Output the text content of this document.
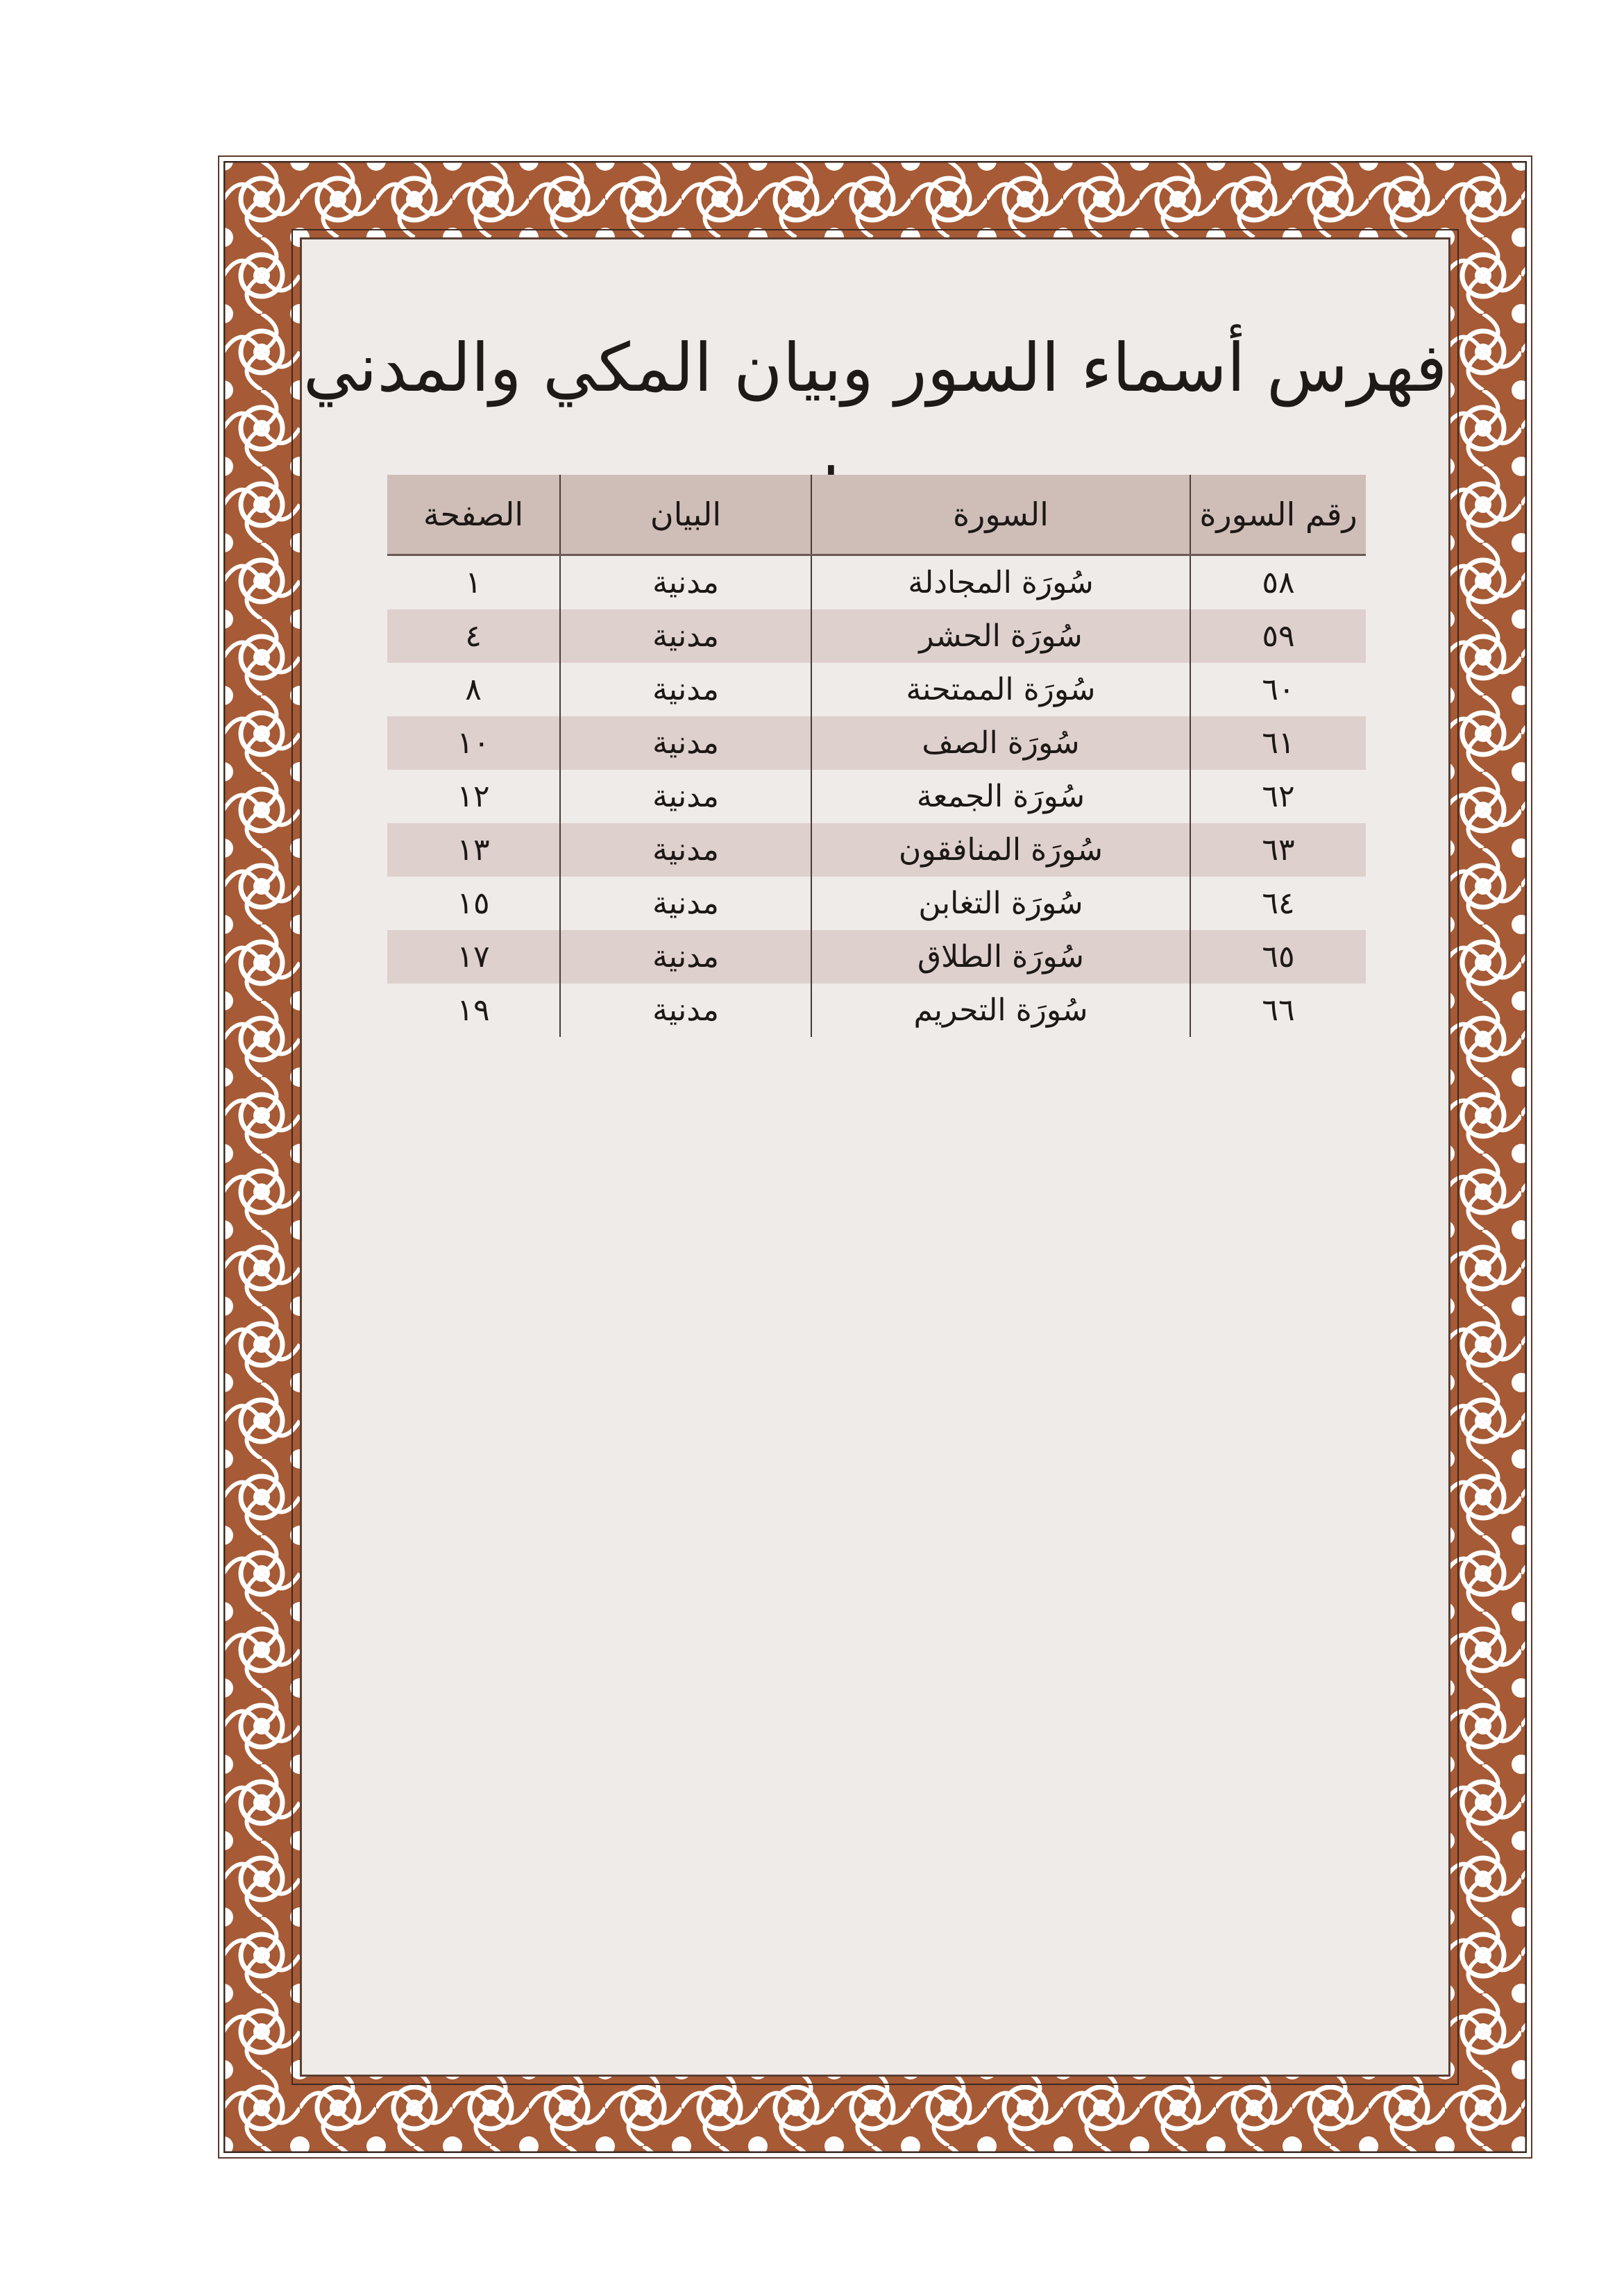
فهرس أسماء السور وبيان المكي والمدني
رقم السورة
السورة
البيان
الصفحة
٥٨
سُورَة المجادلة
مدنية
١
٥٩
سُورَة الحشر
مدنية
٤
٦٠
سُورَة الممتحنة
مدنية
٨
٦١
سُورَة الصف
مدنية
١٠
٦٢
سُورَة الجمعة
مدنية
١٢
٦٣
سُورَة المنافقون
مدنية
١٣
٦٤
سُورَة التغابن
مدنية
١٥
٦٥
سُورَة الطلاق
مدنية
١٧
٦٦
سُورَة التحريم
مدنية
١٩
